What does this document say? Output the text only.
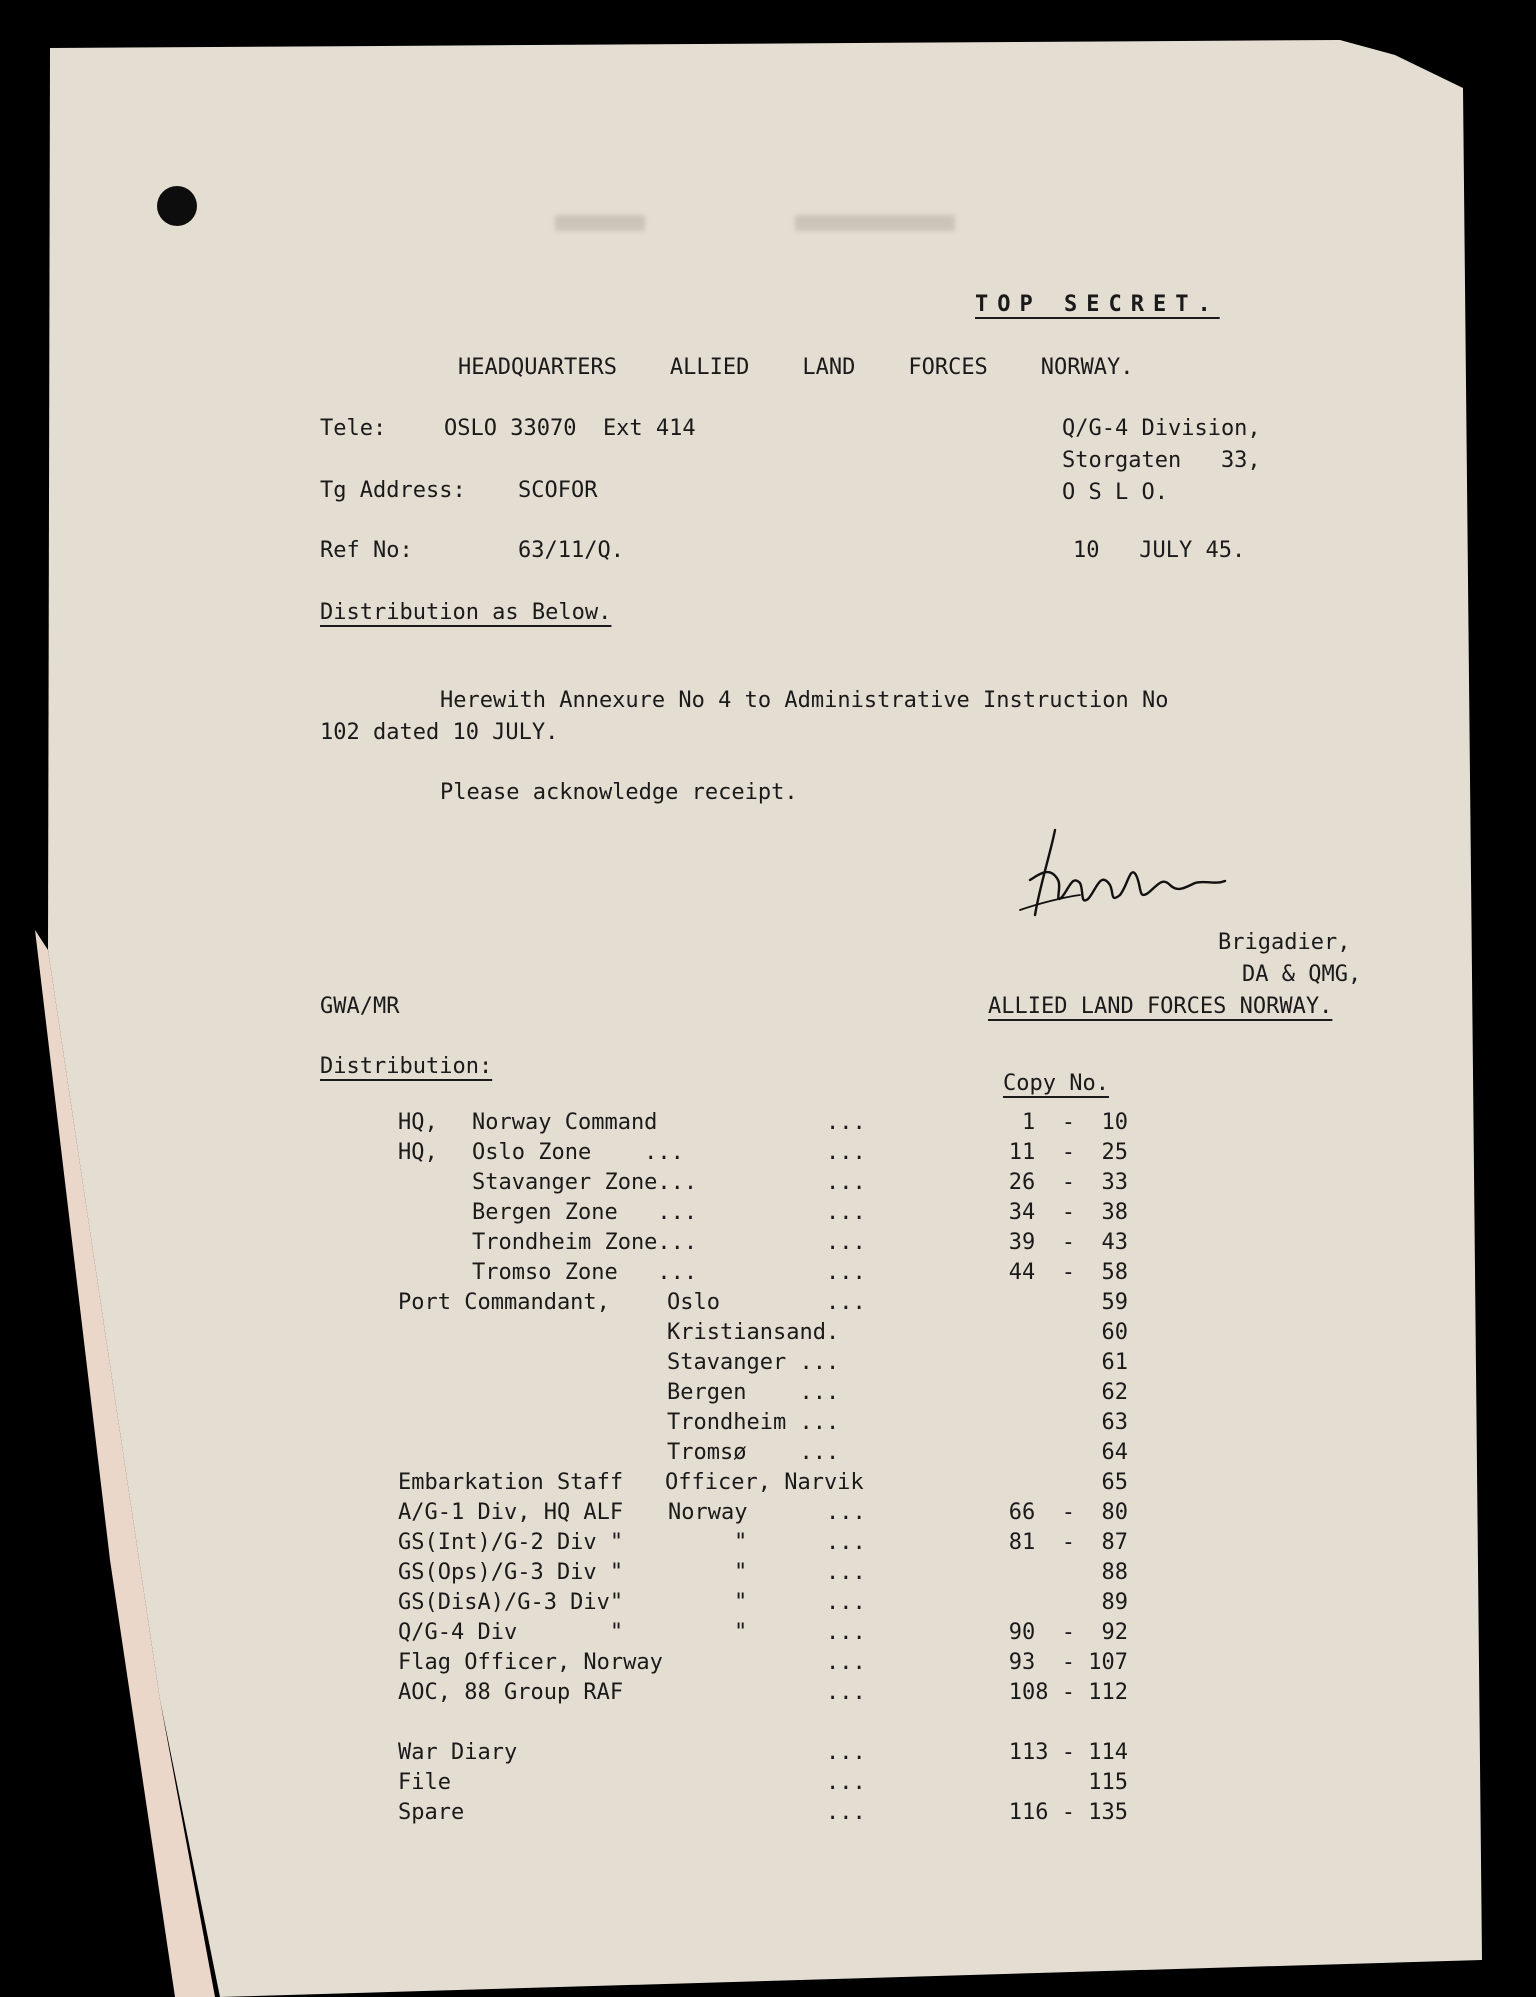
TOP SECRET.
HEADQUARTERS    ALLIED    LAND    FORCES    NORWAY.
Tele:	OSLO 33070  Ext 414
Tg Address: SCOFOR
Ref No:	63/11/Q.
Q/G-4 Division,
Storgaten   33,
O S L O.
10   JULY 45.
Distribution as Below.
Herewith Annexure No 4 to Administrative Instruction No
102 dated 10 JULY.
Please acknowledge receipt.
Brigadier,
DA & QMG,
ALLIED LAND FORCES NORWAY.
GWA/MR
Distribution:
Copy No.
HQ, Norway Command	...	1  -  10
HQ, Oslo Zone    ...	...	11  -  25
Stavanger Zone...	...	26  -  33
Bergen Zone   ...	...	34  -  38
Trondheim Zone...	...	39  -  43
Tromso Zone   ...	...	44  -  58
Port Commandant,	Oslo	...	59
Kristiansand.	60
Stavanger ...	61
Bergen    ...	62
Trondheim ...	63
Tromsø    ...	64
Embarkation Staff Officer, Narvik	65
A/G-1 Div, HQ ALF Norway	...	66  -  80
GS(Int)/G-2 Div "	"	...	81  -  87
GS(Ops)/G-3 Div "	"	...	88
GS(DisA)/G-3 Div"	"	...	89
Q/G-4 Div       "	"	...	90  -  92
Flag Officer, Norway	...	93  - 107
AOC, 88 Group RAF	...	108 - 112
War Diary	...	113 - 114
File	...	115
Spare	...	116 - 135
